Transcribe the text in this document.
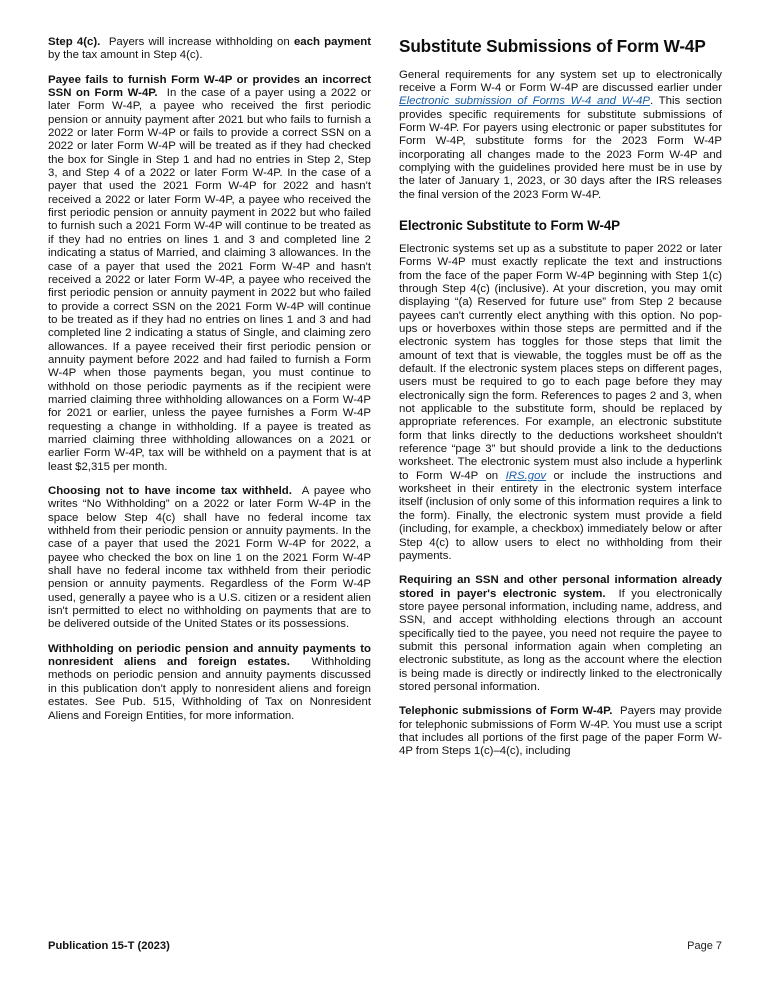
Step 4(c). Payers will increase withholding on each payment by the tax amount in Step 4(c).

Payee fails to furnish Form W-4P or provides an incorrect SSN on Form W-4P. In the case of a payer using a 2022 or later Form W-4P, a payee who received the first periodic pension or annuity payment after 2021 but who fails to furnish a 2022 or later Form W-4P or fails to provide a correct SSN on a 2022 or later Form W-4P will be treated as if they had checked the box for Single in Step 1 and had no entries in Step 2, Step 3, and Step 4 of a 2022 or later Form W-4P. In the case of a payer that used the 2021 Form W-4P for 2022 and hasn't received a 2022 or later Form W-4P, a payee who received the first periodic pension or annuity payment in 2022 but who failed to furnish such a 2021 Form W-4P will continue to be treated as if they had no entries on lines 1 and 3 and completed line 2 indicating a status of Married, and claiming 3 allowances. In the case of a payer that used the 2021 Form W-4P and hasn't received a 2022 or later Form W-4P, a payee who received the first periodic pension or annuity payment in 2022 but who failed to provide a correct SSN on the 2021 Form W-4P will continue to be treated as if they had no entries on lines 1 and 3 and had completed line 2 indicating a status of Single, and claiming zero allowances. If a payee received their first periodic pension or annuity payment before 2022 and had failed to furnish a Form W-4P when those payments began, you must continue to withhold on those periodic payments as if the recipient were married claiming three withholding allowances on a Form W-4P for 2021 or earlier, unless the payee furnishes a Form W-4P requesting a change in withholding. If a payee is treated as married claiming three withholding allowances on a 2021 or earlier Form W-4P, tax will be withheld on a payment that is at least $2,315 per month.

Choosing not to have income tax withheld. A payee who writes “No Withholding” on a 2022 or later Form W-4P in the space below Step 4(c) shall have no federal income tax withheld from their periodic pension or annuity payments. In the case of a payer that used the 2021 Form W-4P for 2022, a payee who checked the box on line 1 on the 2021 Form W-4P shall have no federal income tax withheld from their periodic pension or annuity payments. Regardless of the Form W-4P used, generally a payee who is a U.S. citizen or a resident alien isn't permitted to elect no withholding on payments that are to be delivered outside of the United States or its possessions.

Withholding on periodic pension and annuity payments to nonresident aliens and foreign estates. Withholding methods on periodic pension and annuity payments discussed in this publication don't apply to nonresident aliens and foreign estates. See Pub. 515, Withholding of Tax on Nonresident Aliens and Foreign Entities, for more information.

Substitute Submissions of Form W-4P

General requirements for any system set up to electronically receive a Form W-4 or Form W-4P are discussed earlier under Electronic submission of Forms W-4 and W-4P. This section provides specific requirements for substitute submissions of Form W-4P. For payers using electronic or paper substitutes for Form W-4P, substitute forms for the 2023 Form W-4P incorporating all changes made to the 2023 Form W-4P and complying with the guidelines provided here must be in use by the later of January 1, 2023, or 30 days after the IRS releases the final version of the 2023 Form W-4P.

Electronic Substitute to Form W-4P

Electronic systems set up as a substitute to paper 2022 or later Forms W-4P must exactly replicate the text and instructions from the face of the paper Form W-4P beginning with Step 1(c) through Step 4(c) (inclusive). At your discretion, you may omit displaying “(a) Reserved for future use” from Step 2 because payees can't currently elect anything with this option. No pop-ups or hoverboxes within those steps are permitted and if the electronic system has toggles for those steps that limit the amount of text that is viewable, the toggles must be off as the default. If the electronic system places steps on different pages, users must be required to go to each page before they may electronically sign the form. References to pages 2 and 3, when not applicable to the substitute form, should be replaced by appropriate references. For example, an electronic substitute form that links directly to the deductions worksheet shouldn't reference “page 3” but should provide a link to the deductions worksheet. The electronic system must also include a hyperlink to Form W-4P on IRS.gov or include the instructions and worksheet in their entirety in the electronic system interface itself (inclusion of only some of this information requires a link to the form). Finally, the electronic system must provide a field (including, for example, a checkbox) immediately below or after Step 4(c) to allow users to elect no withholding from their payments.

Requiring an SSN and other personal information already stored in payer's electronic system. If you electronically store payee personal information, including name, address, and SSN, and accept withholding elections through an account specifically tied to the payee, you need not require the payee to submit this personal information again when completing an electronic substitute, as long as the account where the election is being made is directly or indirectly linked to the electronically stored personal information.

Telephonic submissions of Form W-4P. Payers may provide for telephonic submissions of Form W-4P. You must use a script that includes all portions of the first page of the paper Form W-4P from Steps 1(c)–4(c), including

Publication 15-T (2023)	Page 7
